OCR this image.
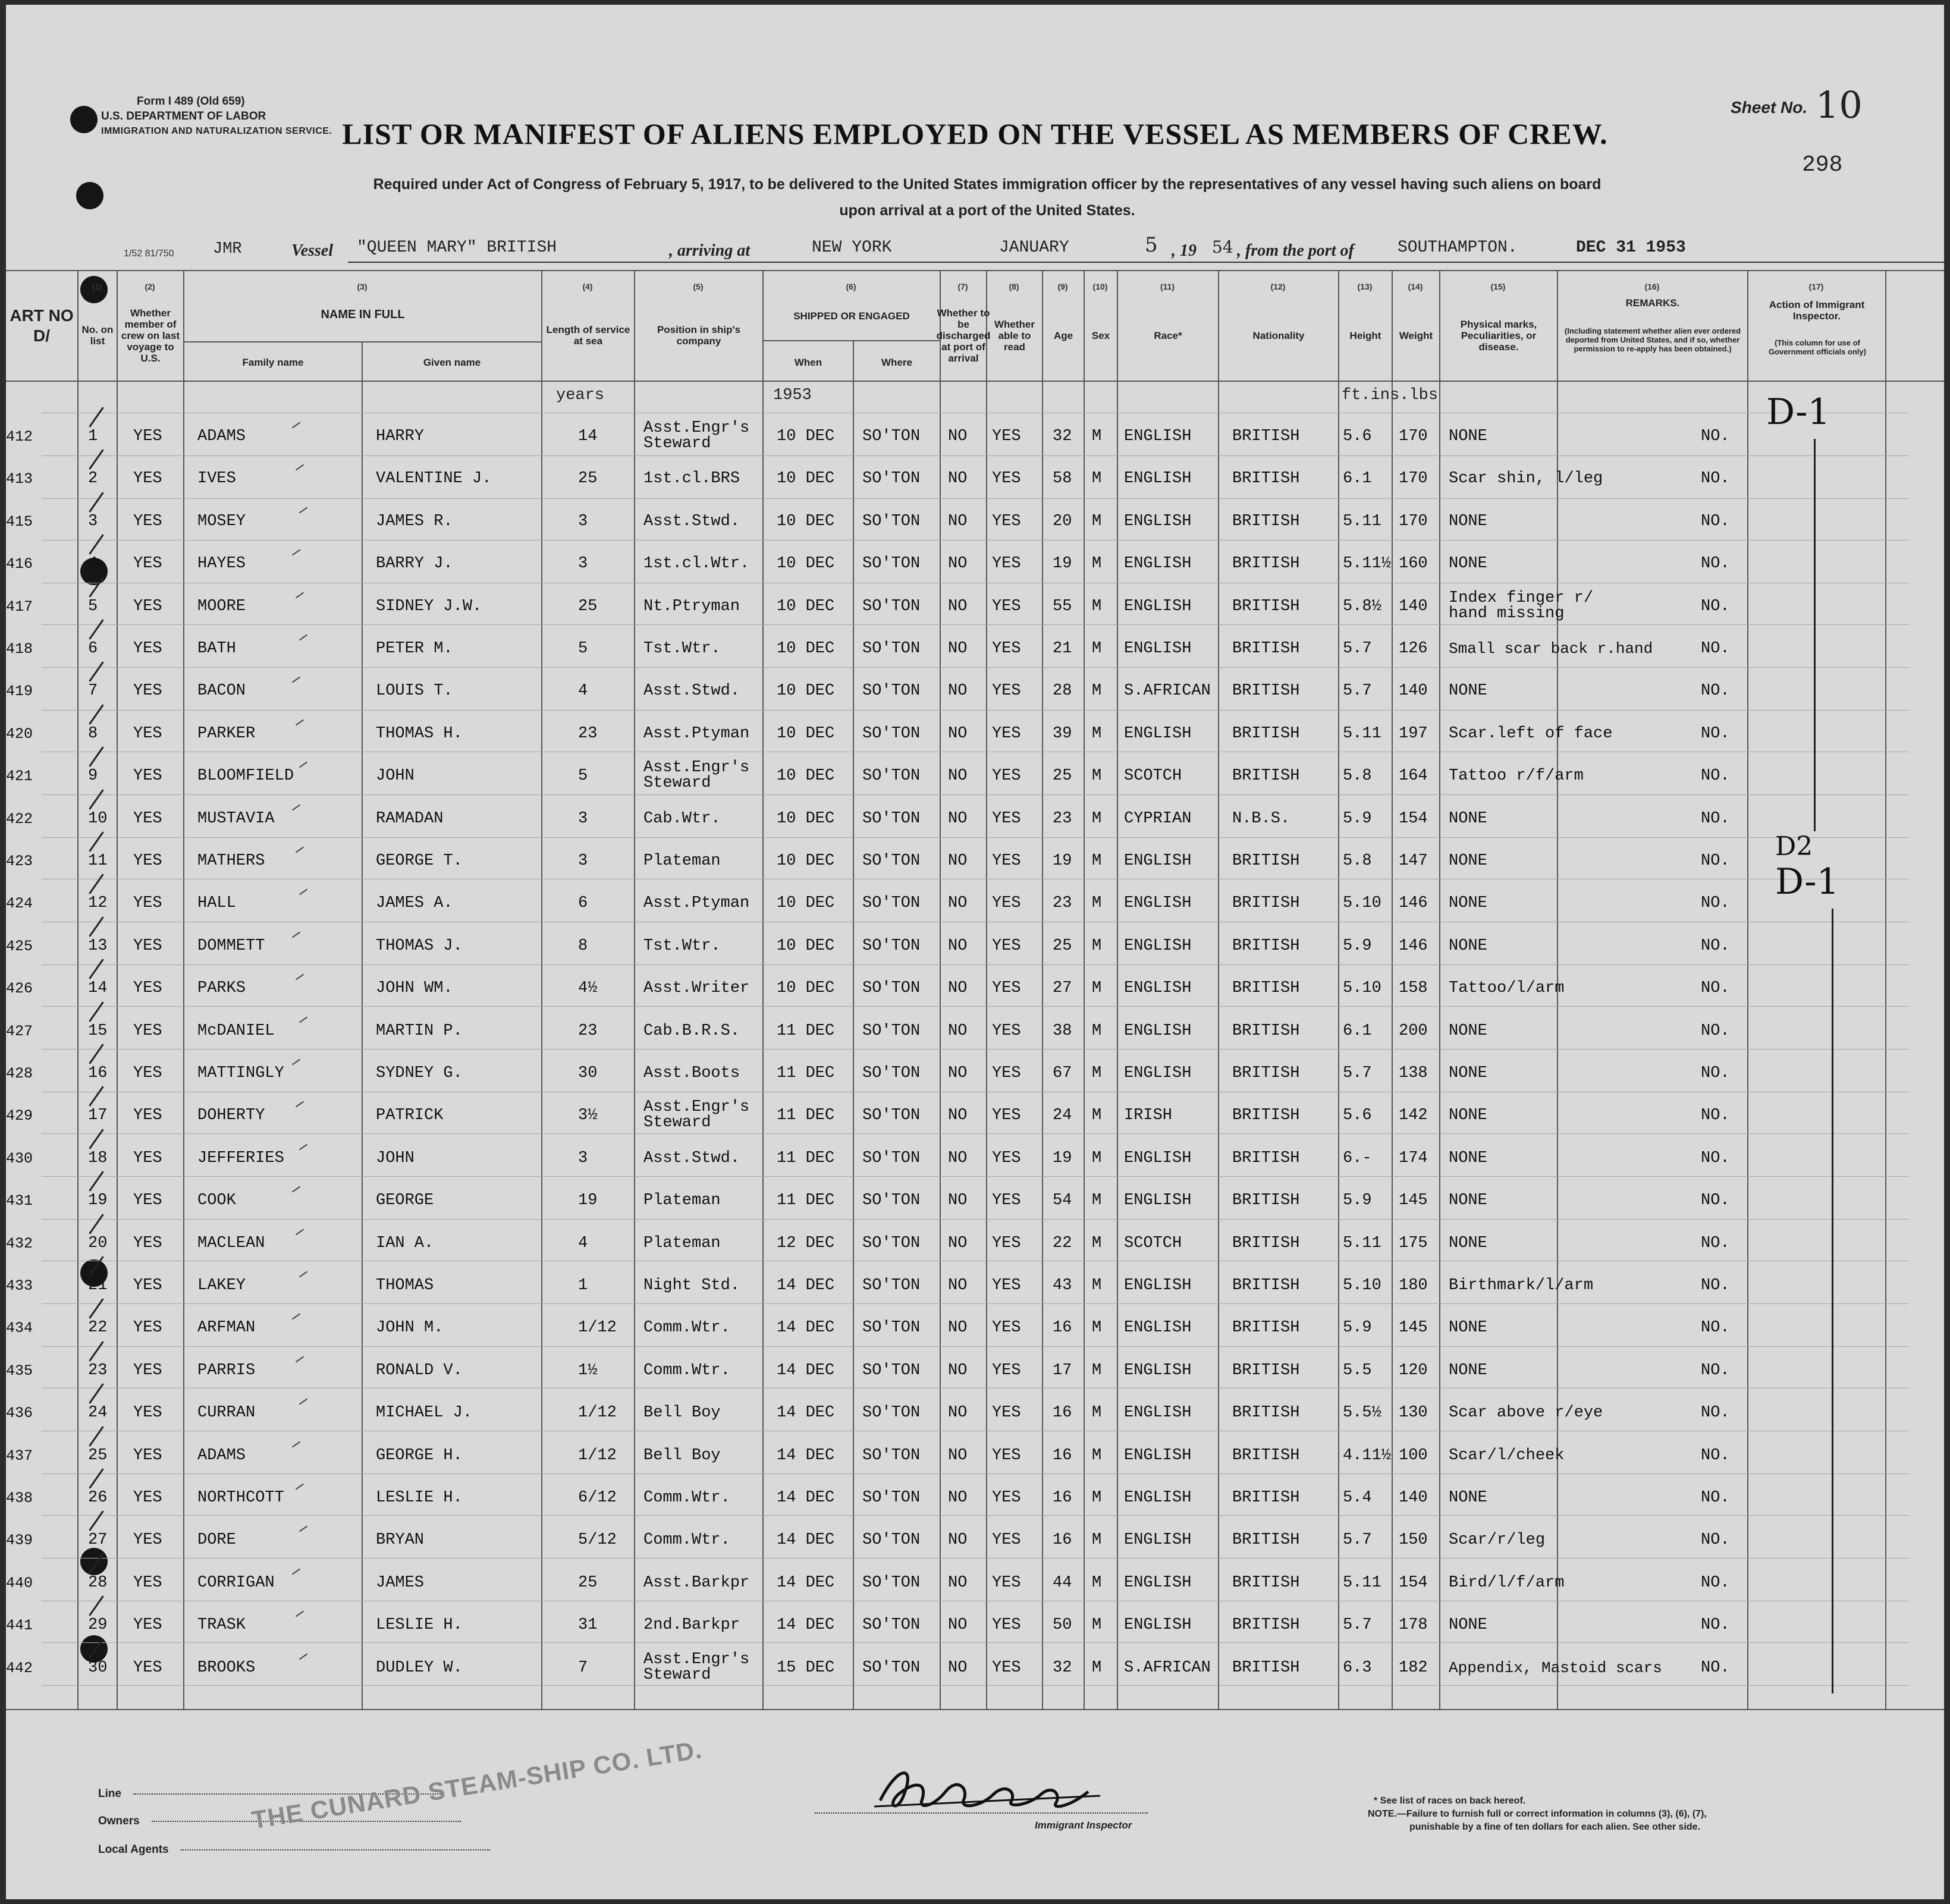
Form I 489 (Old 659)
U.S. DEPARTMENT OF LABOR
IMMIGRATION AND NATURALIZATION SERVICE.
Sheet No. 10
298
LIST OR MANIFEST OF ALIENS EMPLOYED ON THE VESSEL AS MEMBERS OF CREW.
Required under Act of Congress of February 5, 1917, to be delivered to the United States immigration officer by the representatives of any vessel having such aliens on board
upon arrival at a port of the United States.
1/52 81/750 JMR	Vessel "QUEEN MARY" BRITISH	, arriving at	NEW YORK	JANUARY	5 , 19 54 , from the port of	SOUTHAMPTON.	DEC 31 1953
(1)	(2)	(3)	(4)	(5)	(6)	(7)	(8)	(9)	(10)	(11)	(12)	(13)	(14)	(15)	(16)	(17)
ART NO D/	No. on list
Whether member of crew on last voyage to U.S.
NAME IN FULL
Family name	Given name
Length of service at sea
Position in ship's company
SHIPPED OR ENGAGED
When	Where
Whether to be discharged at port of arrival
Whether able to read
Age	Sex	Race*	Nationality	Height	Weight
Physical marks, Peculiarities, or disease.
REMARKS.
(Including statement whether alien ever ordered deported from United States, and if so, whether permission to re-apply has been obtained.)
Action of Immigrant Inspector.
(This column for use of Government officials only)
years	1953	ft.ins.lbs
412	1 YES ADAMS	HARRY	14	Asst.Engr's
Steward	10 DEC SO'TON NO YES 32 M ENGLISH	BRITISH	5.6 170 NONE	NO.
413	2 YES IVES	VALENTINE J.	25	1st.cl.BRS 10 DEC SO'TON NO YES 58 M ENGLISH	BRITISH	6.1 170 Scar shin, l/leg	NO.
415	3 YES MOSEY	JAMES R.	3	Asst.Stwd. 10 DEC SO'TON NO YES 20 M ENGLISH	BRITISH	5.11 170 NONE	NO.
416	4 YES HAYES	BARRY J.	3	1st.cl.Wtr. 10 DEC SO'TON NO YES 19 M ENGLISH	BRITISH	5.11½ 160 NONE	NO.
417	5 YES MOORE	SIDNEY J.W.	25	Nt.Ptryman 10 DEC SO'TON NO YES 55 M ENGLISH	BRITISH	5.8½ 140 Index finger r/
hand missing	NO.
418	6 YES BATH	PETER M.	5	Tst.Wtr.	10 DEC SO'TON NO YES 21 M ENGLISH	BRITISH	5.7 126 Small scar back r.hand	NO.
419	7 YES BACON	LOUIS T.	4	Asst.Stwd. 10 DEC SO'TON NO YES 28 M S.AFRICAN BRITISH	5.7 140 NONE	NO.
420	8 YES PARKER	THOMAS H.	23	Asst.Ptyman 10 DEC SO'TON NO YES 39 M ENGLISH	BRITISH	5.11 197 Scar.left of face	NO.
421	9 YES BLOOMFIELD	JOHN	5	Asst.Engr's
Steward	10 DEC SO'TON NO YES 25 M SCOTCH	BRITISH	5.8 164 Tattoo r/f/arm	NO.
422	10 YES MUSTAVIA	RAMADAN	3	Cab.Wtr.	10 DEC SO'TON NO YES 23 M CYPRIAN	N.B.S.	5.9 154 NONE	NO.
423	11 YES MATHERS	GEORGE T.	3	Plateman	10 DEC SO'TON NO YES 19 M ENGLISH	BRITISH	5.8 147 NONE	NO.
424	12 YES HALL	JAMES A.	6	Asst.Ptyman 10 DEC SO'TON NO YES 23 M ENGLISH	BRITISH	5.10 146 NONE	NO.
425	13 YES DOMMETT	THOMAS J.	8	Tst.Wtr.	10 DEC SO'TON NO YES 25 M ENGLISH	BRITISH	5.9 146 NONE	NO.
426	14 YES PARKS	JOHN WM.	4½	Asst.Writer 10 DEC SO'TON NO YES 27 M ENGLISH	BRITISH	5.10 158 Tattoo/l/arm	NO.
427	15 YES McDANIEL	MARTIN P.	23	Cab.B.R.S. 11 DEC SO'TON NO YES 38 M ENGLISH	BRITISH	6.1 200 NONE	NO.
428	16 YES MATTINGLY	SYDNEY G.	30	Asst.Boots 11 DEC SO'TON NO YES 67 M ENGLISH	BRITISH	5.7 138 NONE	NO.
429	17 YES DOHERTY	PATRICK	3½	Asst.Engr's
Steward	11 DEC SO'TON NO YES 24 M IRISH	BRITISH	5.6 142 NONE	NO.
430	18 YES JEFFERIES	JOHN	3	Asst.Stwd. 11 DEC SO'TON NO YES 19 M ENGLISH	BRITISH	6.- 174 NONE	NO.
431	19 YES COOK	GEORGE	19	Plateman	11 DEC SO'TON NO YES 54 M ENGLISH	BRITISH	5.9 145 NONE	NO.
432	20 YES MACLEAN	IAN A.	4	Plateman	12 DEC SO'TON NO YES 22 M SCOTCH	BRITISH	5.11 175 NONE	NO.
433	21 YES LAKEY	THOMAS	1	Night Std. 14 DEC SO'TON NO YES 43 M ENGLISH	BRITISH	5.10 180 Birthmark/l/arm	NO.
434	22 YES ARFMAN	JOHN M.	1/12 Comm.Wtr.	14 DEC SO'TON NO YES 16 M ENGLISH	BRITISH	5.9 145 NONE	NO.
435	23 YES PARRIS	RONALD V.	1½	Comm.Wtr.	14 DEC SO'TON NO YES 17 M ENGLISH	BRITISH	5.5 120 NONE	NO.
436	24 YES CURRAN	MICHAEL J.	1/12 Bell Boy	14 DEC SO'TON NO YES 16 M ENGLISH	BRITISH	5.5½ 130 Scar above r/eye	NO.
437	25 YES ADAMS	GEORGE H.	1/12 Bell Boy	14 DEC SO'TON NO YES 16 M ENGLISH	BRITISH	4.11½ 100 Scar/l/cheek	NO.
438	26 YES NORTHCOTT	LESLIE H.	6/12 Comm.Wtr.	14 DEC SO'TON NO YES 16 M ENGLISH	BRITISH	5.4 140 NONE	NO.
439	27 YES DORE	BRYAN	5/12 Comm.Wtr.	14 DEC SO'TON NO YES 16 M ENGLISH	BRITISH	5.7 150 Scar/r/leg	NO.
440	28 YES CORRIGAN	JAMES	25	Asst.Barkpr 14 DEC SO'TON NO YES 44 M ENGLISH	BRITISH	5.11 154 Bird/l/f/arm	NO.
441	29 YES TRASK	LESLIE H.	31	2nd.Barkpr 14 DEC SO'TON NO YES 50 M ENGLISH	BRITISH	5.7 178 NONE	NO.
442	30 YES BROOKS	DUDLEY W.	7	Asst.Engr's
Steward	15 DEC SO'TON NO YES 32 M S.AFRICAN BRITISH	6.3 182 Appendix, Mastoid scars NO.
D-1
D2
D-1
Line
Owners
Local Agents
THE CUNARD STEAM-SHIP CO. LTD.	Immigrant Inspector
* See list of races on back hereof.
NOTE.—Failure to furnish full or correct information in columns (3), (6), (7),
punishable by a fine of ten dollars for each alien. See other side.
